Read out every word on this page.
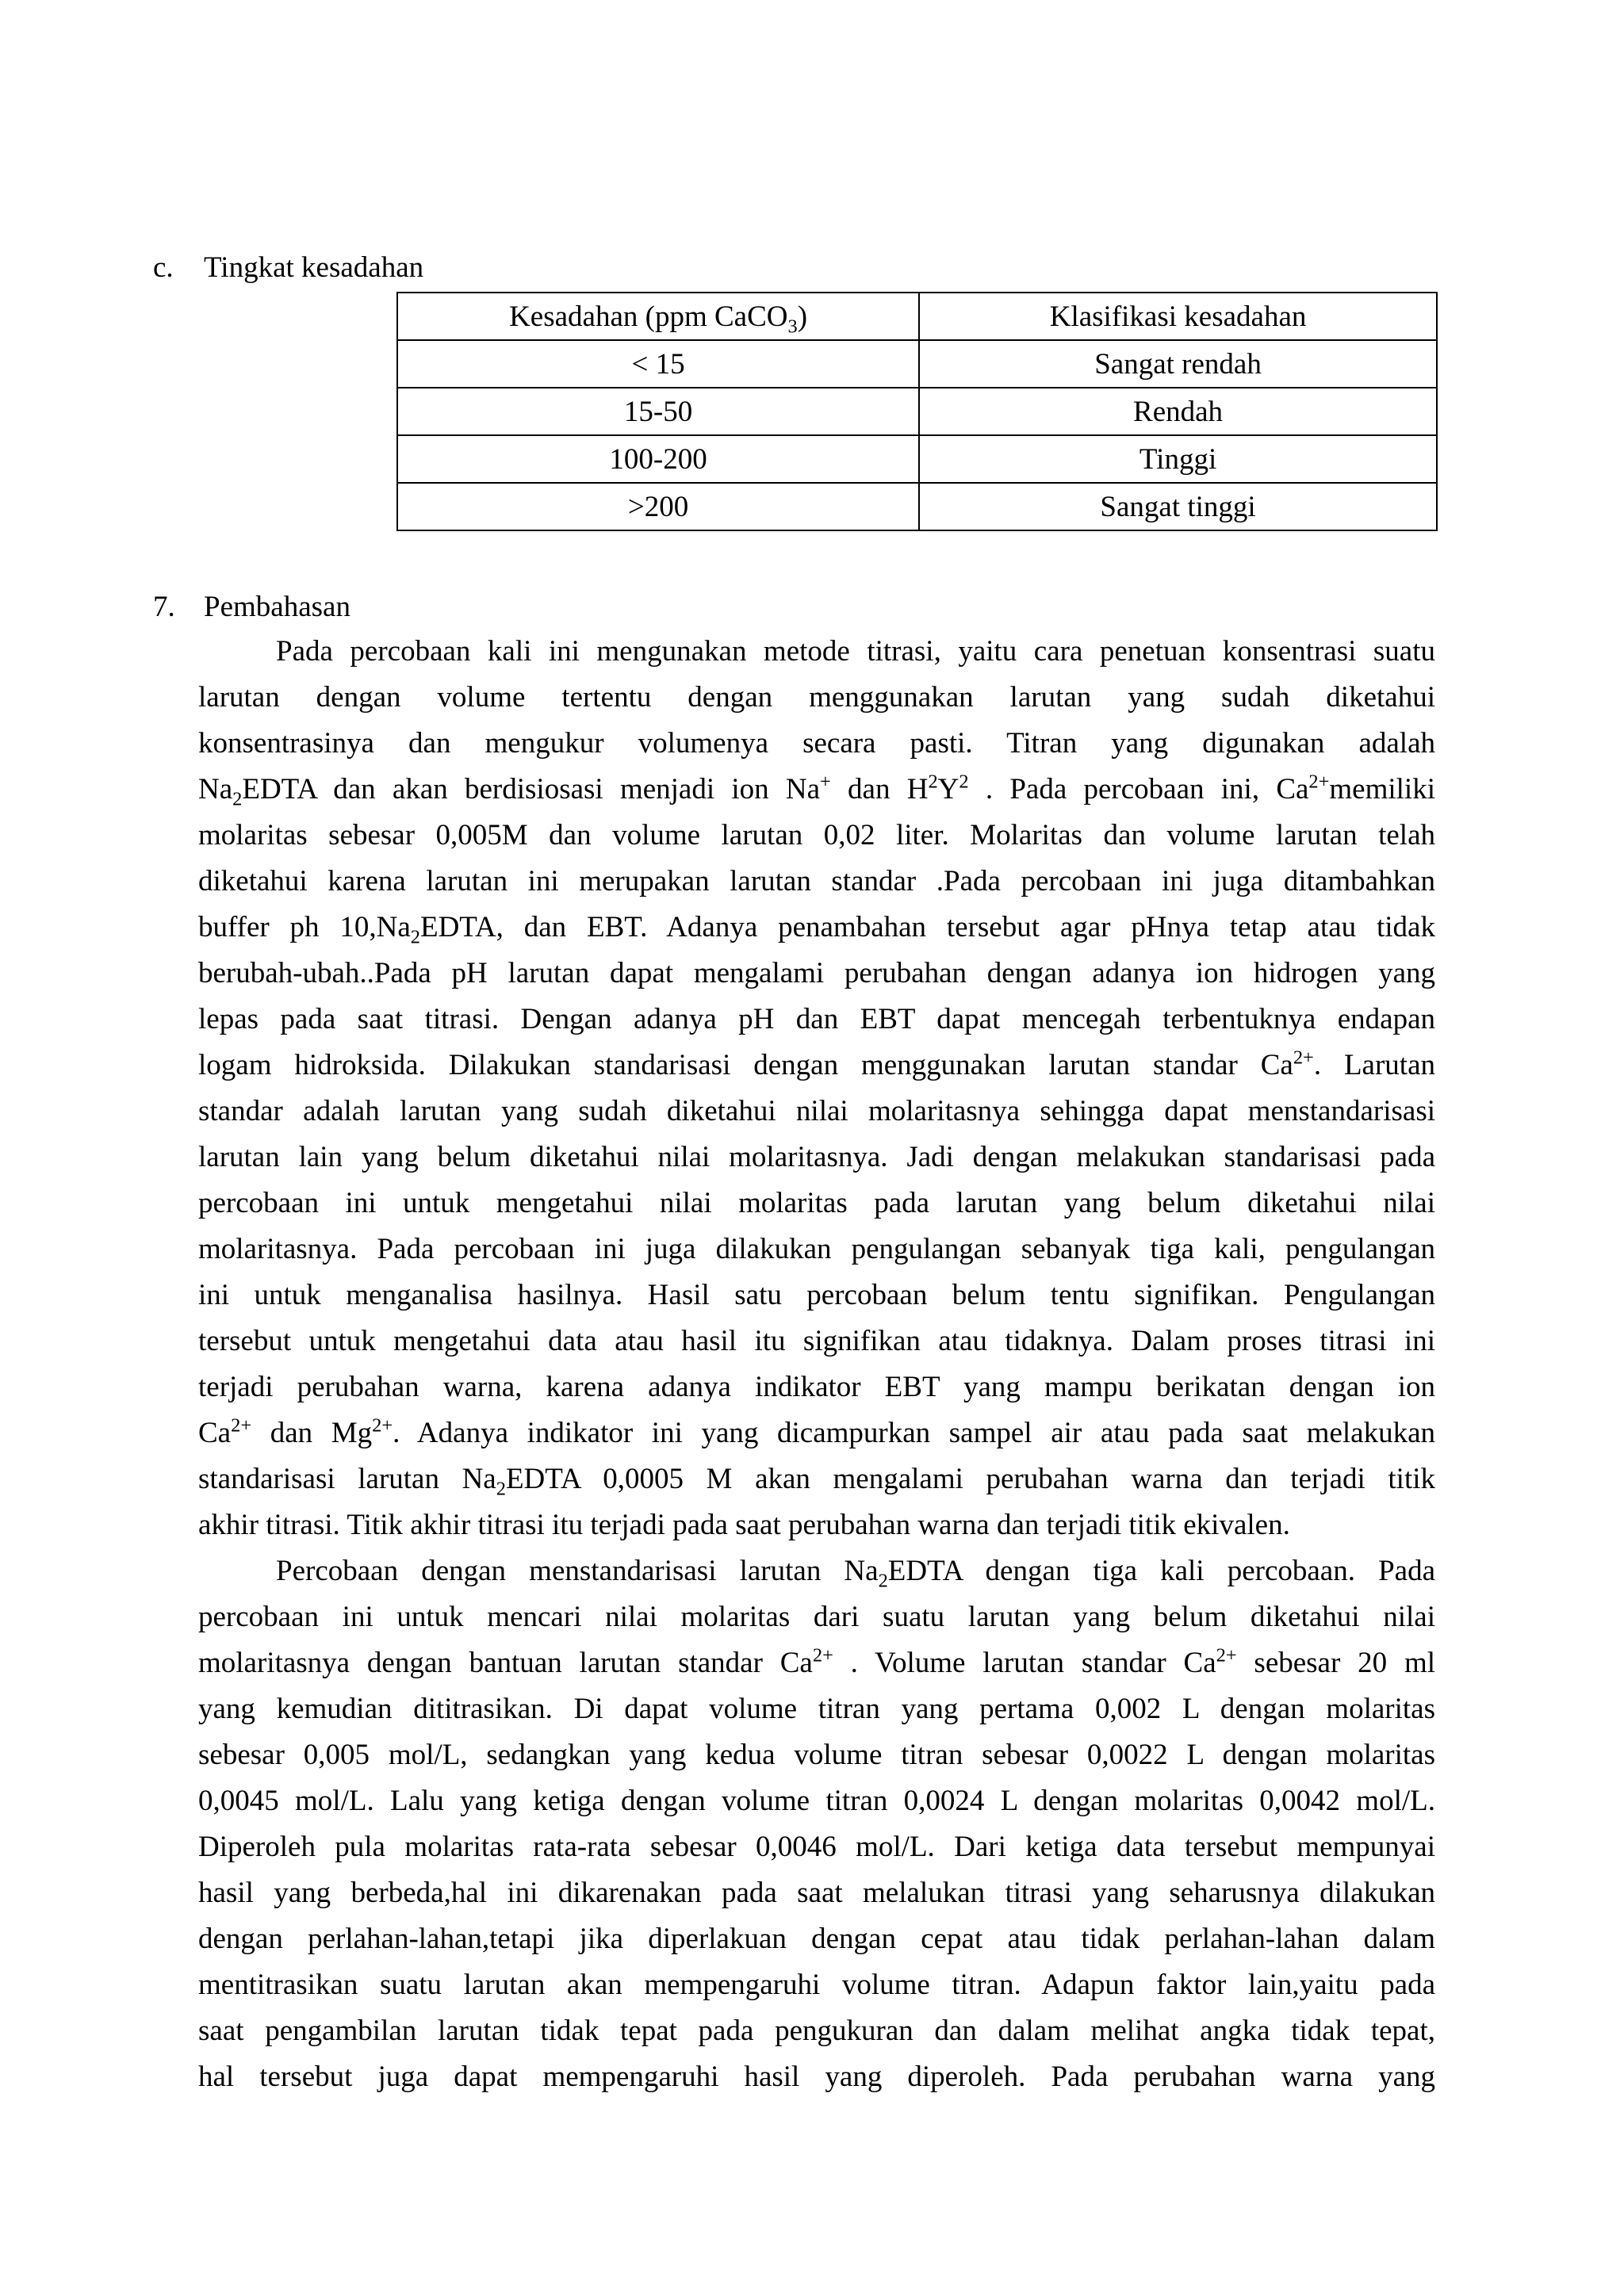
c. Tingkat kesadahan
Kesadahan (ppm CaCO$_3$)	Klasifikasi kesadahan
< 15	Sangat rendah
15-50	Rendah
100-200	Tinggi
>200	Sangat tinggi
7. Pembahasan
Pada percobaan kali ini mengunakan metode titrasi, yaitu cara penetuan konsentrasi suatu
larutan dengan volume tertentu dengan menggunakan larutan yang sudah diketahui
konsentrasinya dan mengukur volumenya secara pasti. Titran yang digunakan adalah
$Na_2EDTA$ dan akan berdisiosasi menjadi ion Na+ dan $H^2Y^2$ . Pada percobaan ini, $Ca^{2+}memiliki$
molaritas sebesar 0,005M dan volume larutan 0,02 liter. Molaritas dan volume larutan telah
diketahui karena larutan ini merupakan larutan standar .Pada percobaan ini juga ditambahkan
buffer ph $10,Na_2EDTA$, dan EBT. Adanya penambahan tersebut agar pHnya tetap atau tidak
berubah-ubah..Pada pH larutan dapat mengalami perubahan dengan adanya ion hidrogen yang
lepas pada saat titrasi. Dengan adanya pH dan EBT dapat mencegah terbentuknya endapan
logam hidroksida. Dilakukan standarisasi dengan menggunakan larutan standar $Ca^{2+}$. Larutan
standar adalah larutan yang sudah diketahui nilai molaritasnya sehingga dapat menstandarisasi
larutan lain yang belum diketahui nilai molaritasnya. Jadi dengan melakukan standarisasi pada
percobaan ini untuk mengetahui nilai molaritas pada larutan yang belum diketahui nilai
molaritasnya. Pada percobaan ini juga dilakukan pengulangan sebanyak tiga kali, pengulangan
ini untuk menganalisa hasilnya. Hasil satu percobaan belum tentu signifikan. Pengulangan
tersebut untuk mengetahui data atau hasil itu signifikan atau tidaknya. Dalam proses titrasi ini
terjadi perubahan warna, karena adanya indikator EBT yang mampu berikatan dengan ion
$Ca^{2+}$ dan $Mg^{2+}$. Adanya indikator ini yang dicampurkan sampel air atau pada saat melakukan
standarisasi larutan $Na_2EDTA$ 0,0005 M akan mengalami perubahan warna dan terjadi titik
akhir titrasi. Titik akhir titrasi itu terjadi pada saat perubahan warna dan terjadi titik ekivalen.
Percobaan dengan menstandarisasi larutan $Na_2EDTA$ dengan tiga kali percobaan. Pada
percobaan ini untuk mencari nilai molaritas dari suatu larutan yang belum diketahui nilai
molaritasnya dengan bantuan larutan standar $Ca^{2+}$ . Volume larutan standar $Ca^{2+}$ sebesar 20 ml
yang kemudian dititrasikan. Di dapat volume titran yang pertama 0,002 L dengan molaritas
sebesar 0,005 mol/L, sedangkan yang kedua volume titran sebesar 0,0022 L dengan molaritas
0,0045 mol/L. Lalu yang ketiga dengan volume titran 0,0024 L dengan molaritas 0,0042 mol/L.
Diperoleh pula molaritas rata-rata sebesar 0,0046 mol/L. Dari ketiga data tersebut mempunyai
hasil yang berbeda,hal ini dikarenakan pada saat melalukan titrasi yang seharusnya dilakukan
dengan perlahan-lahan,tetapi jika diperlakuan dengan cepat atau tidak perlahan-lahan dalam
mentitrasikan suatu larutan akan mempengaruhi volume titran. Adapun faktor lain,yaitu pada
saat pengambilan larutan tidak tepat pada pengukuran dan dalam melihat angka tidak tepat,
hal tersebut juga dapat mempengaruhi hasil yang diperoleh. Pada perubahan warna yang
